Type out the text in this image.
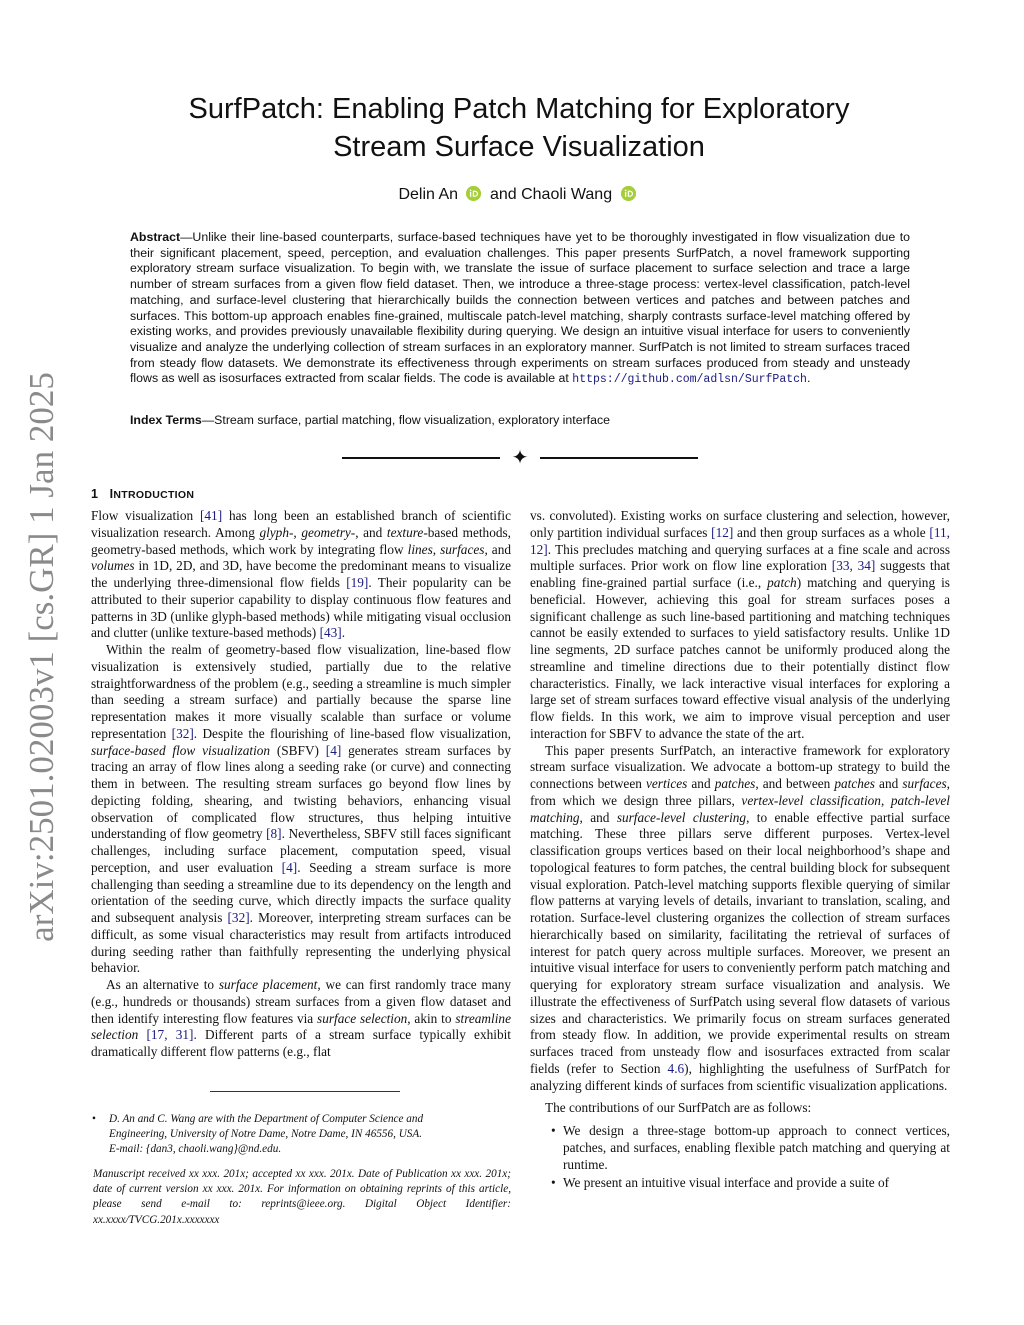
arXiv:2501.02003v1 [cs.GR] 1 Jan 2025
SurfPatch: Enabling Patch Matching for Exploratory
Stream Surface Visualization
Delin An and Chaoli Wang
Abstract—Unlike their line-based counterparts, surface-based techniques have yet to be thoroughly investigated in flow visualization due to their significant placement, speed, perception, and evaluation challenges. This paper presents SurfPatch, a novel framework supporting exploratory stream surface visualization. To begin with, we translate the issue of surface placement to surface selection and trace a large number of stream surfaces from a given flow field dataset. Then, we introduce a three-stage process: vertex-level classification, patch-level matching, and surface-level clustering that hierarchically builds the connection between vertices and patches and between patches and surfaces. This bottom-up approach enables fine-grained, multiscale patch-level matching, sharply contrasts surface-level matching offered by existing works, and provides previously unavailable flexibility during querying. We design an intuitive visual interface for users to conveniently visualize and analyze the underlying collection of stream surfaces in an exploratory manner. SurfPatch is not limited to stream surfaces traced from steady flow datasets. We demonstrate its effectiveness through experiments on stream surfaces produced from steady and unsteady flows as well as isosurfaces extracted from scalar fields. The code is available at https://github.com/adlsn/SurfPatch.
Index Terms—Stream surface, partial matching, flow visualization, exploratory interface
✦
1 INTRODUCTION

Flow visualization [41] has long been an established branch of scientific visualization research. Among glyph-, geometry-, and texture-based methods, geometry-based methods, which work by integrating flow lines, surfaces, and volumes in 1D, 2D, and 3D, have become the predominant means to visualize the underlying three-dimensional flow fields [19]. Their popularity can be attributed to their superior capability to display continuous flow features and patterns in 3D (unlike glyph-based methods) while mitigating visual occlusion and clutter (unlike texture-based methods) [43].

Within the realm of geometry-based flow visualization, line-based flow visualization is extensively studied, partially due to the relative straightforwardness of the problem (e.g., seeding a streamline is much simpler than seeding a stream surface) and partially because the sparse line representation makes it more visually scalable than surface or volume representation [32]. Despite the flourishing of line-based flow visualization, surface-based flow visualization (SBFV) [4] generates stream surfaces by tracing an array of flow lines along a seeding rake (or curve) and connecting them in between. The resulting stream surfaces go beyond flow lines by depicting folding, shearing, and twisting behaviors, enhancing visual observation of complicated flow structures, thus helping intuitive understanding of flow geometry [8]. Nevertheless, SBFV still faces significant challenges, including surface placement, computation speed, visual perception, and user evaluation [4]. Seeding a stream surface is more challenging than seeding a streamline due to its dependency on the length and orientation of the seeding curve, which directly impacts the surface quality and subsequent analysis [32]. Moreover, interpreting stream surfaces can be difficult, as some visual characteristics may result from artifacts introduced during seeding rather than faithfully representing the underlying physical behavior.

As an alternative to surface placement, we can first randomly trace many (e.g., hundreds or thousands) stream surfaces from a given flow dataset and then identify interesting flow features via surface selection, akin to streamline selection [17, 31]. Different parts of a stream surface typically exhibit dramatically different flow patterns (e.g., flat

• D. An and C. Wang are with the Department of Computer Science and
Engineering, University of Notre Dame, Notre Dame, IN 46556, USA.
E-mail: {dan3, chaoli.wang}@nd.edu.
Manuscript received xx xxx. 201x; accepted xx xxx. 201x. Date of Publication xx xxx. 201x; date of current version xx xxx. 201x. For information on obtaining reprints of this article, please send e-mail to: reprints@ieee.org. Digital Object Identifier: xx.xxxx/TVCG.201x.xxxxxxx

vs. convoluted). Existing works on surface clustering and selection, however, only partition individual surfaces [12] and then group surfaces as a whole [11, 12]. This precludes matching and querying surfaces at a fine scale and across multiple surfaces. Prior work on flow line exploration [33, 34] suggests that enabling fine-grained partial surface (i.e., patch) matching and querying is beneficial. However, achieving this goal for stream surfaces poses a significant challenge as such line-based partitioning and matching techniques cannot be easily extended to surfaces to yield satisfactory results. Unlike 1D line segments, 2D surface patches cannot be uniformly produced along the streamline and timeline directions due to their potentially distinct flow characteristics. Finally, we lack interactive visual interfaces for exploring a large set of stream surfaces toward effective visual analysis of the underlying flow fields. In this work, we aim to improve visual perception and user interaction for SBFV to advance the state of the art.

This paper presents SurfPatch, an interactive framework for exploratory stream surface visualization. We advocate a bottom-up strategy to build the connections between vertices and patches, and between patches and surfaces, from which we design three pillars, vertex-level classification, patch-level matching, and surface-level clustering, to enable effective partial surface matching. These three pillars serve different purposes. Vertex-level classification groups vertices based on their local neighborhood’s shape and topological features to form patches, the central building block for subsequent visual exploration. Patch-level matching supports flexible querying of similar flow patterns at varying levels of details, invariant to translation, scaling, and rotation. Surface-level clustering organizes the collection of stream surfaces hierarchically based on similarity, facilitating the retrieval of surfaces of interest for patch query across multiple surfaces. Moreover, we present an intuitive visual interface for users to conveniently perform patch matching and querying for exploratory stream surface visualization and analysis. We illustrate the effectiveness of SurfPatch using several flow datasets of various sizes and characteristics. We primarily focus on stream surfaces generated from steady flow. In addition, we provide experimental results on stream surfaces traced from unsteady flow and isosurfaces extracted from scalar fields (refer to Section 4.6), highlighting the usefulness of SurfPatch for analyzing different kinds of surfaces from scientific visualization applications.

The contributions of our SurfPatch are as follows:

• We design a three-stage bottom-up approach to connect vertices, patches, and surfaces, enabling flexible patch matching and querying at runtime.
• We present an intuitive visual interface and provide a suite of
